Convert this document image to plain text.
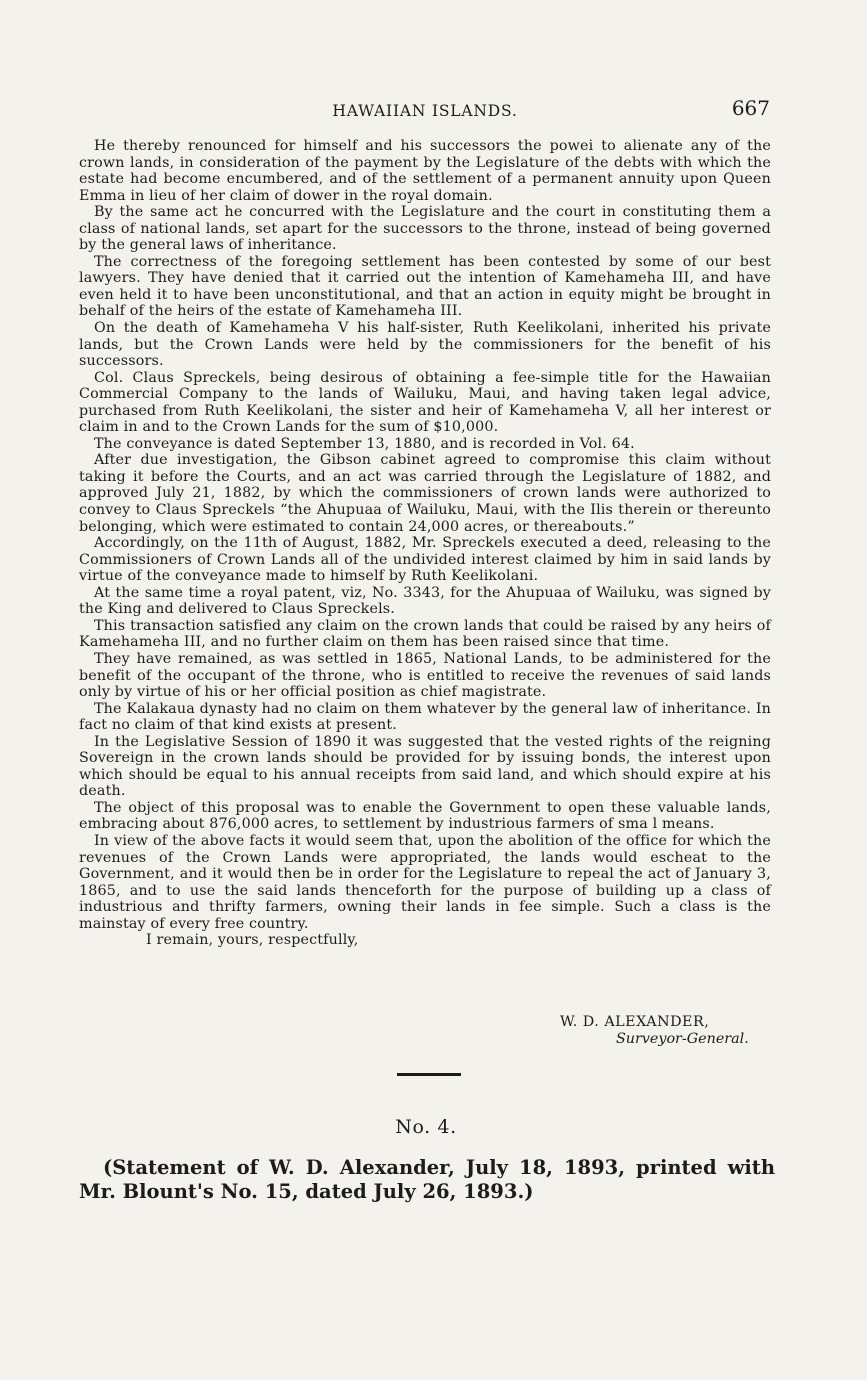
HAWAIIAN ISLANDS.	667

He thereby renounced for himself and his successors the powei to alienate any of the crown lands, in consideration of the payment by the Legislature of the debts with which the estate had become encumbered, and of the settlement of a permanent annuity upon Queen Emma in lieu of her claim of dower in the royal domain.

By the same act he concurred with the Legislature and the court in constituting them a class of national lands, set apart for the successors to the throne, instead of being governed by the general laws of inheritance.

The correctness of the foregoing settlement has been contested by some of our best lawyers. They have denied that it carried out the intention of Kamehameha III, and have even held it to have been unconstitutional, and that an action in equity might be brought in behalf of the heirs of the estate of Kamehameha III.

On the death of Kamehameha V his half-sister, Ruth Keelikolani, inherited his private lands, but the Crown Lands were held by the commissioners for the benefit of his successors.

Col. Claus Spreckels, being desirous of obtaining a fee-simple title for the Hawaiian Commercial Company to the lands of Wailuku, Maui, and having taken legal advice, purchased from Ruth Keelikolani, the sister and heir of Kamehameha V, all her interest or claim in and to the Crown Lands for the sum of $10,000.

The conveyance is dated September 13, 1880, and is recorded in Vol. 64.

After due investigation, the Gibson cabinet agreed to compromise this claim without taking it before the Courts, and an act was carried through the Legislature of 1882, and approved July 21, 1882, by which the commissioners of crown lands were authorized to convey to Claus Spreckels “the Ahupuaa of Wailuku, Maui, with the Ilis therein or thereunto belonging, which were estimated to contain 24,000 acres, or thereabouts.”

Accordingly, on the 11th of August, 1882, Mr. Spreckels executed a deed, releasing to the Commissioners of Crown Lands all of the undivided interest claimed by him in said lands by virtue of the conveyance made to himself by Ruth Keelikolani.

At the same time a royal patent, viz, No. 3343, for the Ahupuaa of Wailuku, was signed by the King and delivered to Claus Spreckels.

This transaction satisfied any claim on the crown lands that could be raised by any heirs of Kamehameha III, and no further claim on them has been raised since that time.

They have remained, as was settled in 1865, National Lands, to be administered for the benefit of the occupant of the throne, who is entitled to receive the revenues of said lands only by virtue of his or her official position as chief magistrate.

The Kalakaua dynasty had no claim on them whatever by the general law of inheritance. In fact no claim of that kind exists at present.

In the Legislative Session of 1890 it was suggested that the vested rights of the reigning Sovereign in the crown lands should be provided for by issuing bonds, the interest upon which should be equal to his annual receipts from said land, and which should expire at his death.

The object of this proposal was to enable the Government to open these valuable lands, embracing about 876,000 acres, to settlement by industrious farmers of sma l means.

In view of the above facts it would seem that, upon the abolition of the office for which the revenues of the Crown Lands were appropriated, the lands would escheat to the Government, and it would then be in order for the Legislature to repeal the act of January 3, 1865, and to use the said lands thenceforth for the purpose of building up a class of industrious and thrifty farmers, owning their lands in fee simple. Such a class is the mainstay of every free country.

I remain, yours, respectfully,

W. D. ALEXANDER,
Surveyor-General.
No. 4.
(Statement of W. D. Alexander, July 18, 1893, printed with Mr. Blount's No. 15, dated July 26, 1893.)
